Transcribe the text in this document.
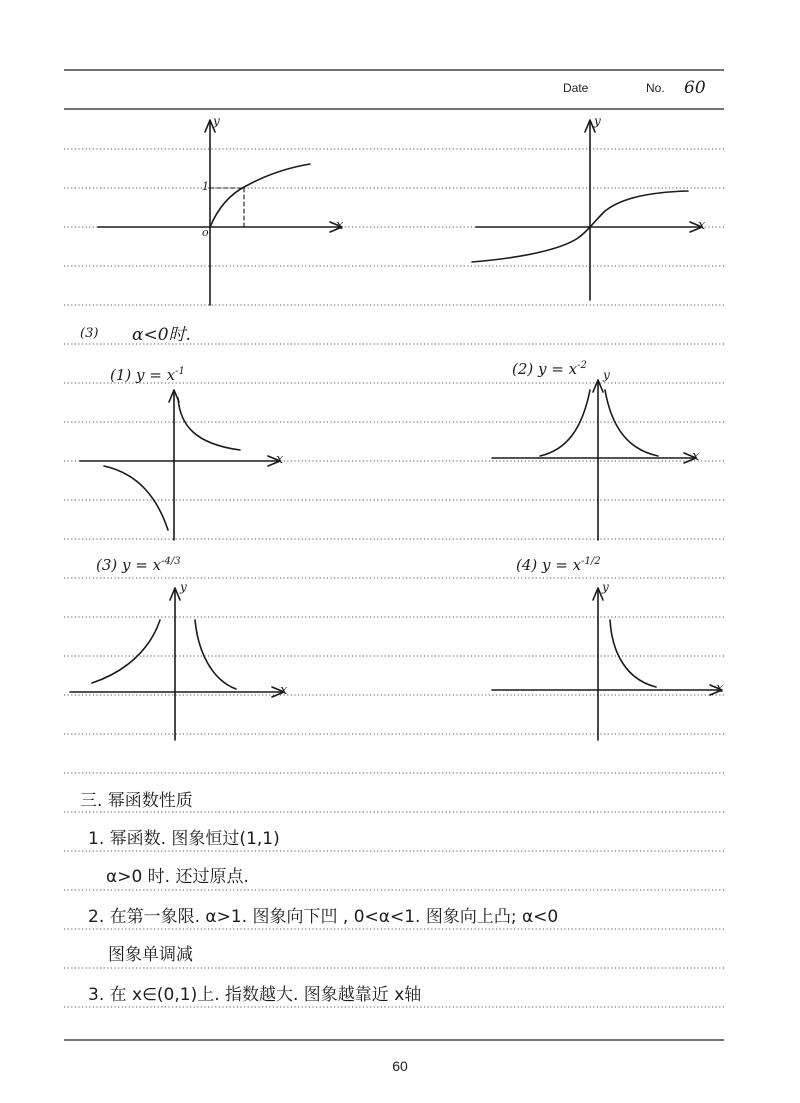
Date	No. 60
y
1
o	x
y
x
(3) α<0时.
(1) $y = x^{-1}$	(2) $y = x^{-2}$
(3) $y = x^{-4/3}$	(4) $y = x^{-1/2}$
x	x
y
y
x
y
x
三. 幂函数性质
1. 幂函数. 图象恒过(1,1)
α>0 时. 还过原点.
2. 在第一象限. α>1. 图象向下凹 , 0<α<1. 图象向上凸; α<0
图象单调减
3. 在 x∈(0,1)上. 指数越大. 图象越靠近 x轴
60
